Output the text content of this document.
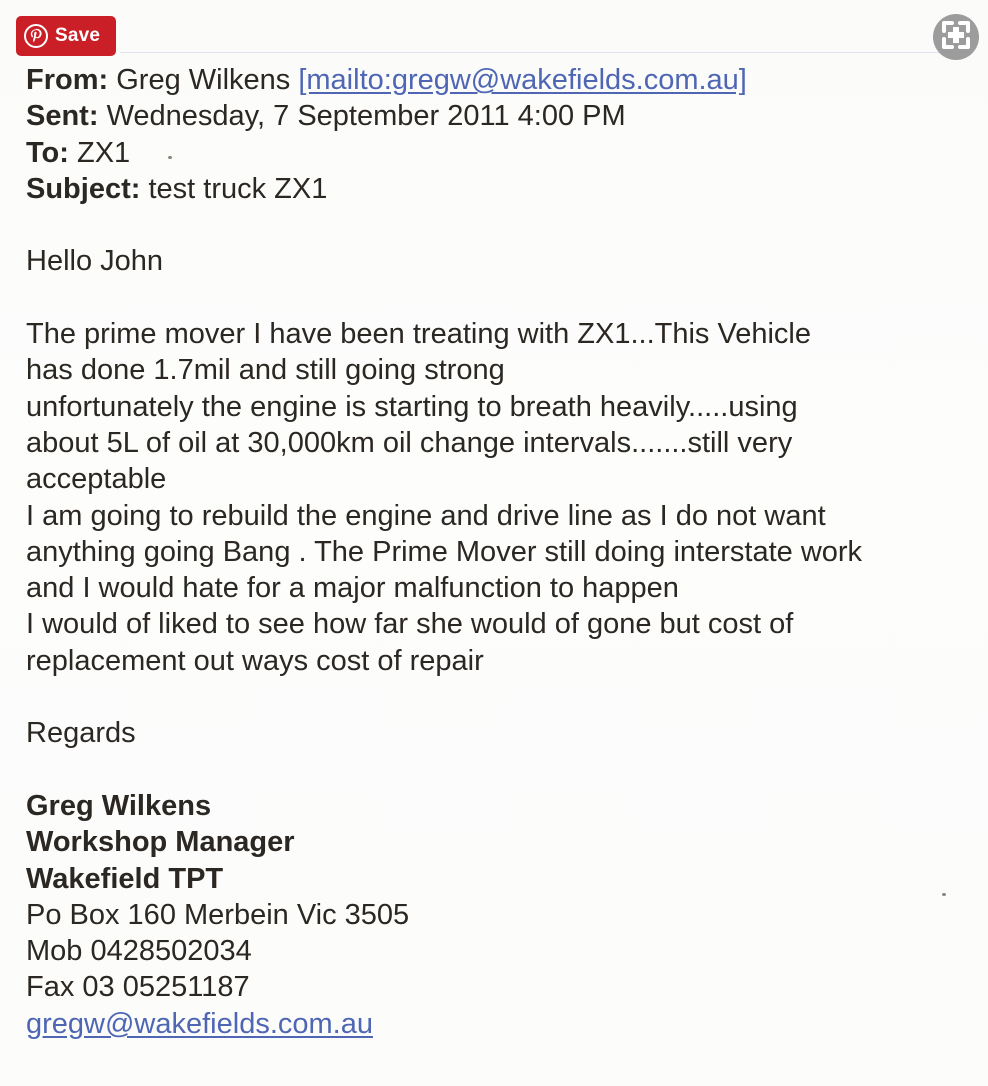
Save
From: Greg Wilkens [mailto:gregw@wakefields.com.au]
Sent: Wednesday, 7 September 2011 4:00 PM
To: ZX1
Subject: test truck ZX1
Hello John
The prime mover I have been treating with ZX1...This Vehicle
has done 1.7mil and still going strong
unfortunately the engine is starting to breath heavily.....using
about 5L of oil at 30,000km oil change intervals.......still very
acceptable
I am going to rebuild the engine and drive line as I do not want
anything going Bang . The Prime Mover still doing interstate work
and I would hate for a major malfunction to happen
I would of liked to see how far she would of gone but cost of
replacement out ways cost of repair
Regards
Greg Wilkens
Workshop Manager
Wakefield TPT
Po Box 160 Merbein Vic 3505
Mob 0428502034
Fax 03 05251187
gregw@wakefields.com.au
